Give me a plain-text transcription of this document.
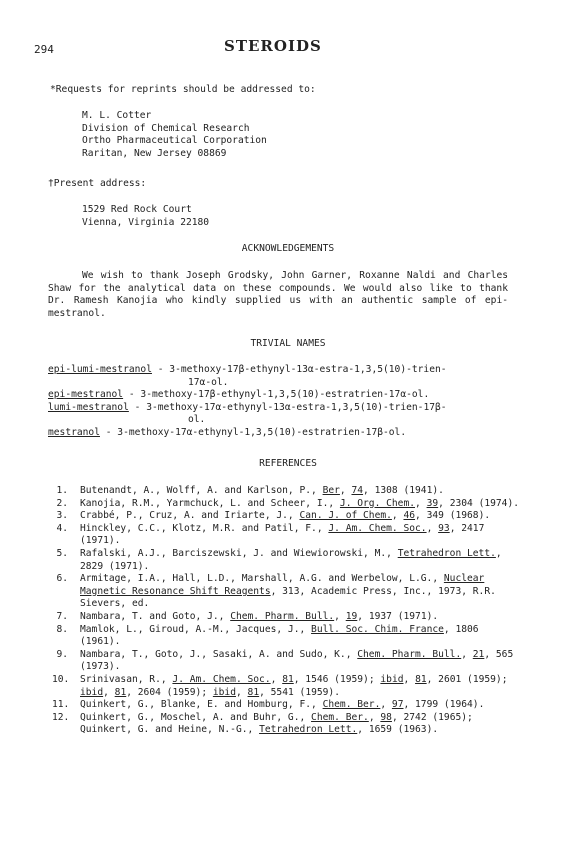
294	STEROIDS
*Requests for reprints should be addressed to:
M. L. Cotter
Division of Chemical Research
Ortho Pharmaceutical Corporation
Raritan, New Jersey 08869
†Present address:
1529 Red Rock Court
Vienna, Virginia 22180
ACKNOWLEDGEMENTS
We wish to thank Joseph Grodsky, John Garner, Roxanne Naldi and Charles Shaw for the analytical data on these compounds. We would also like to thank Dr. Ramesh Kanojia who kindly supplied us with an authentic sample of epi-mestranol.
TRIVIAL NAMES
epi-lumi-mestranol - 3-methoxy-17β-ethynyl-13α-estra-1,3,5(10)-trien-
17α-ol.
epi-mestranol - 3-methoxy-17β-ethynyl-1,3,5(10)-estratrien-17α-ol.
lumi-mestranol - 3-methoxy-17α-ethynyl-13α-estra-1,3,5(10)-trien-17β-
ol.
mestranol - 3-methoxy-17α-ethynyl-1,3,5(10)-estratrien-17β-ol.
REFERENCES
1. Butenandt, A., Wolff, A. and Karlson, P., Ber, 74, 1308 (1941).
2. Kanojia, R.M., Yarmchuck, L. and Scheer, I., J. Org. Chem., 39, 2304 (1974).
3. Crabbé, P., Cruz, A. and Iriarte, J., Can. J. of Chem., 46, 349 (1968).
4. Hinckley, C.C., Klotz, M.R. and Patil, F., J. Am. Chem. Soc., 93, 2417 (1971).
5. Rafalski, A.J., Barciszewski, J. and Wiewiorowski, M., Tetrahedron Lett., 2829 (1971).
6. Armitage, I.A., Hall, L.D., Marshall, A.G. and Werbelow, L.G., Nuclear Magnetic Resonance Shift Reagents, 313, Academic Press, Inc., 1973, R.R. Sievers, ed.
7. Nambara, T. and Goto, J., Chem. Pharm. Bull., 19, 1937 (1971).
8. Mamlok, L., Giroud, A.-M., Jacques, J., Bull. Soc. Chim. France, 1806 (1961).
9. Nambara, T., Goto, J., Sasaki, A. and Sudo, K., Chem. Pharm. Bull., 21, 565 (1973).
10. Srinivasan, R., J. Am. Chem. Soc., 81, 1546 (1959); ibid, 81, 2601 (1959); ibid, 81, 2604 (1959); ibid, 81, 5541 (1959).
11. Quinkert, G., Blanke, E. and Homburg, F., Chem. Ber., 97, 1799 (1964).
12. Quinkert, G., Moschel, A. and Buhr, G., Chem. Ber., 98, 2742 (1965); Quinkert, G. and Heine, N.-G., Tetrahedron Lett., 1659 (1963).
